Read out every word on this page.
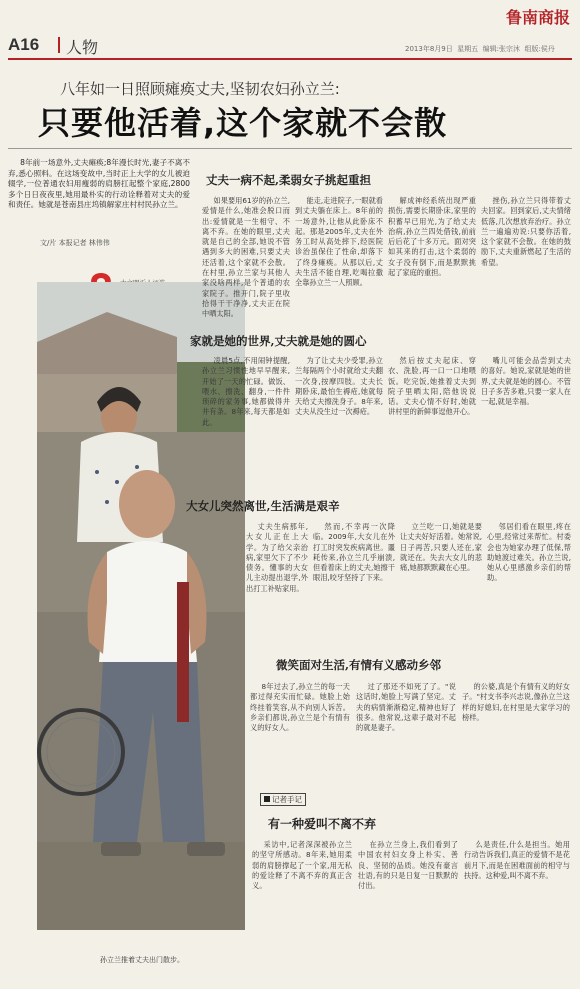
鲁南商报
A16 人物	2013年8月9日 星期五 编辑:张宗沐 组版:侯丹
八年如一日照顾瘫痪丈夫,坚韧农妇孙立兰:
只要他活着,这个家就不会散

8年前一场意外,丈夫瘫痪;8年漫长时光,妻子不离不弃,悉心照料。在这场变故中,当时正上大学的女儿被迫辍学,一位普通农妇用瘦弱的肩膀扛起整个家庭,2800多个日日夜夜里,她用最朴实的行动诠释着对丈夫的爱和责任。她就是苍南县庄坞镇解家庄村村民孙立兰。

文/片 本报记者 林伟伟
孙立兰推着丈夫出门散步。
丈夫一病不起,柔弱女子挑起重担

如果要用61岁的孙立兰,爱情是什么,她准会脱口而出:爱情就是一生相守、不离不弃。在她的眼里,丈夫就是自己的全部,她说不管遇到多大的困难,只要丈夫还活着,这个家就不会散。在村里,孙立兰家与其他人家没啥两样,是个普通的农家院子。推开门,院子里收拾得干干净净,丈夫正在院中晒太阳。

能走,走进院子,一眼就看到丈夫躺在床上。8年前的一场意外,让他从此卧床不起。那是2005年,丈夫在外务工时从高处摔下,经医院诊治虽保住了性命,却落下了终身瘫痪。从那以后,丈夫生活不能自理,吃喝拉撒全靠孙立兰一人照顾。

解成神经系统出现严重损伤,需要长期卧床,家里的积蓄早已用光,为了给丈夫治病,孙立兰四处借钱,前前后后花了十多万元。面对突如其来的打击,这个柔弱的女子没有倒下,而是默默挑起了家庭的重担。

挫伤,孙立兰只得带着丈夫回家。回到家后,丈夫情绪低落,几次想放弃治疗。孙立兰一遍遍劝说:只要你活着,这个家就不会散。在她的鼓励下,丈夫重新燃起了生活的希望。

家就是她的世界,丈夫就是她的圆心

凌晨5点,不用闹钟提醒,孙立兰习惯性地早早醒来,开始了一天的忙碌。做饭、喂水、擦洗、翻身,一件件琐碎的家务事,她都做得井井有条。8年来,每天都是如此。

为了让丈夫少受罪,孙立兰每隔两个小时就给丈夫翻一次身,按摩四肢。丈夫长期卧床,最怕生褥疮,她就每天给丈夫擦洗身子。8年来,丈夫从没生过一次褥疮。

然后按丈夫起床、穿衣、洗脸,再一口一口地喂饭。吃完饭,她推着丈夫到院子里晒太阳,陪他说说话。丈夫心情不好时,她就讲村里的新鲜事逗他开心。

嘴儿可能会品尝到丈夫的喜好。她说,家就是她的世界,丈夫就是她的圆心。不管日子多苦多难,只要一家人在一起,就是幸福。

大女儿突然离世,生活满是艰辛

丈夫生病那年,大女儿正在上大学。为了给父亲治病,家里欠下了不少债务。懂事的大女儿主动提出退学,外出打工补贴家用。

然而,不幸再一次降临。2009年,大女儿在外打工时突发疾病离世。噩耗传来,孙立兰几乎崩溃,但看着床上的丈夫,她擦干眼泪,咬牙坚持了下来。

立兰吃一口,她就是要让丈夫好好活着。她常说,日子再苦,只要人还在,家就还在。失去大女儿的悲痛,她都默默藏在心里。

邻居们看在眼里,疼在心里,经常过来帮忙。村委会也为她家办理了低保,帮助她渡过难关。孙立兰说,她从心里感激乡亲们的帮助。

微笑面对生活,有情有义感动乡邻

8年过去了,孙立兰的每一天都过得充实而忙碌。她脸上始终挂着笑容,从不向别人诉苦。乡亲们都说,孙立兰是个有情有义的好女人。

过了那还不如死了了。"说这话时,她脸上写满了坚定。丈夫的病情渐渐稳定,精神也好了很多。他常说,这辈子最对不起的就是妻子。

的公婆,真是个有情有义的好女子。"村支书李兴志说,像孙立兰这样的好媳妇,在村里是大家学习的榜样。

记者手记
有一种爱叫不离不弃

采访中,记者深深被孙立兰的坚守所感动。8年来,她用柔弱的肩膀撑起了一个家,用无私的爱诠释了不离不弃的真正含义。

在孙立兰身上,我们看到了中国农村妇女身上朴实、善良、坚韧的品质。她没有豪言壮语,有的只是日复一日默默的付出。

么是责任,什么是担当。她用行动告诉我们,真正的爱情不是花前月下,而是在困难面前的相守与扶持。这种爱,叫不离不弃。
